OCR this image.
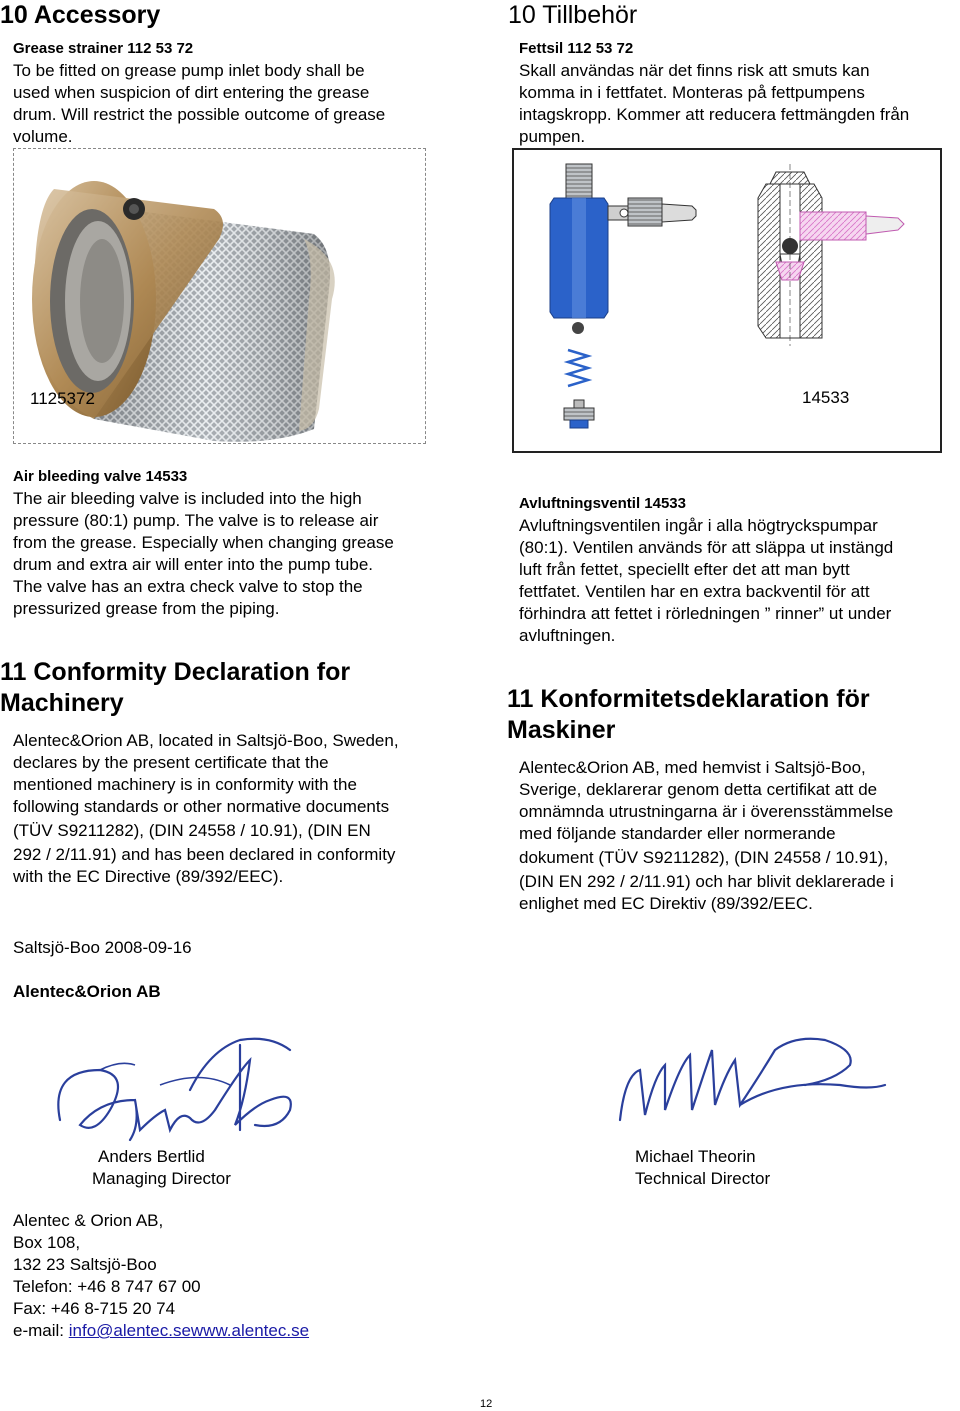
10 Accessory
Grease strainer 112 53 72
To be fitted on grease pump inlet body shall be
used when suspicion of dirt entering the grease
drum. Will restrict the possible outcome of grease
volume.
10 Tillbehör
Fettsil 112 53 72
Skall användas när det finns risk att smuts kan
komma in i fettfatet. Monteras på fettpumpens
intagskropp. Kommer att reducera fettmängden från
pumpen.
1125372	14533
Air bleeding valve 14533
The air bleeding valve is included into the high
pressure (80:1) pump. The valve is to release air
from the grease. Especially when changing grease
drum and extra air will enter into the pump tube.
The valve has an extra check valve to stop the
pressurized grease from the piping.
Avluftningsventil 14533
Avluftningsventilen ingår i alla högtryckspumpar
(80:1). Ventilen används för att släppa ut instängd
luft från fettet, speciellt efter det att man bytt
fettfatet. Ventilen har en extra backventil för att
förhindra att fettet i rörledningen ” rinner” ut under
avluftningen.
11 Conformity Declaration for
Machinery
Alentec&Orion AB, located in Saltsjö-Boo, Sweden,
declares by the present certificate that the
mentioned machinery is in conformity with the
following standards or other normative documents
(TÜV S9211282), (DIN 24558 / 10.91), (DIN EN
292 / 2/11.91) and has been declared in conformity
with the EC Directive (89/392/EEC).
11 Konformitetsdeklaration för
Maskiner
Alentec&Orion AB, med hemvist i Saltsjö-Boo,
Sverige, deklarerar genom detta certifikat att de
omnämnda utrustningarna är i överensstämmelse
med följande standarder eller normerande
dokument (TÜV S9211282), (DIN 24558 / 10.91),
(DIN EN 292 / 2/11.91) och har blivit deklarerade i
enlighet med EC Direktiv (89/392/EEC.
Saltsjö-Boo 2008-09-16
Alentec&Orion AB
Anders Bertlid
Managing Director
Michael Theorin
Technical Director
Alentec & Orion AB,
Box 108,
132 23 Saltsjö-Boo
Telefon: +46 8 747 67 00
Fax: +46 8-715 20 74
e-mail: info@alentec.sewww.alentec.se
12
